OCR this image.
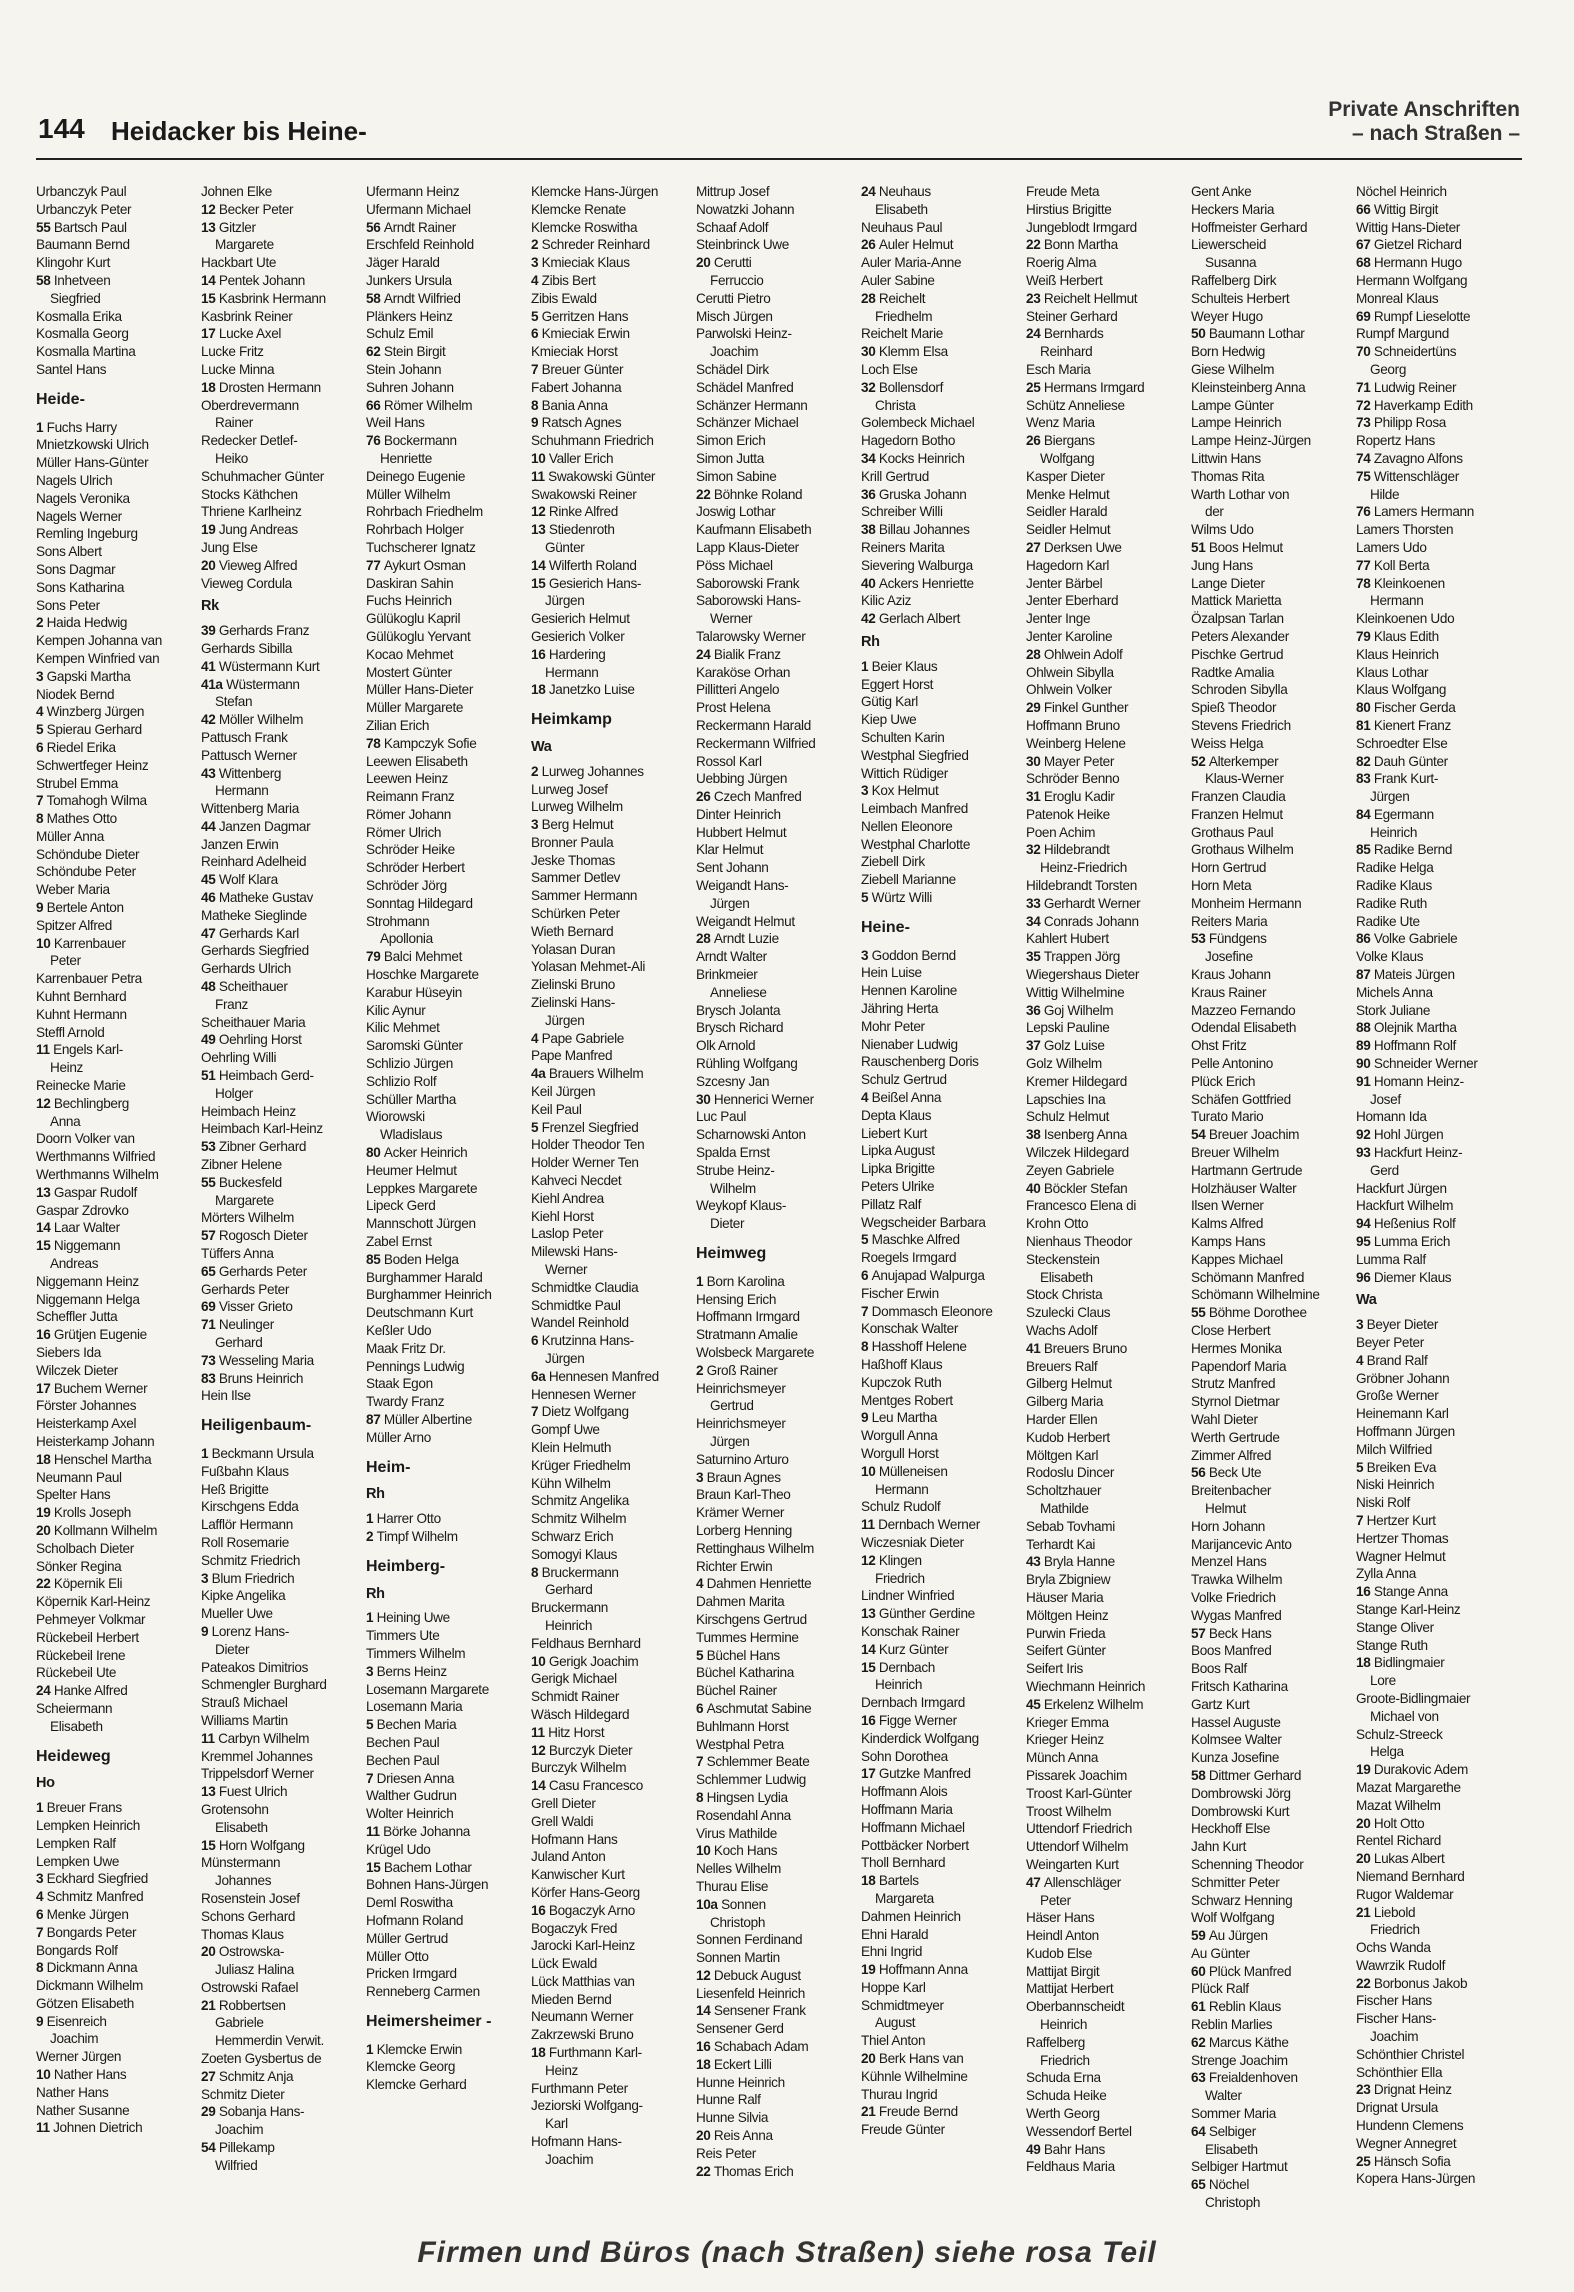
144 Heidacker bis Heine-
Private Anschriften
– nach Straßen –
Urbanczyk Paul
Urbanczyk Peter
55 Bartsch Paul
Baumann Bernd
Klingohr Kurt
58 Inhetveen
Siegfried
Kosmalla Erika
Kosmalla Georg
Kosmalla Martina
Santel Hans
Heide-
1 Fuchs Harry
Mnietzkowski Ulrich
Müller Hans-Günter
Nagels Ulrich
Nagels Veronika
Nagels Werner
Remling Ingeburg
Sons Albert
Sons Dagmar
Sons Katharina
Sons Peter
2 Haida Hedwig
Kempen Johanna van
Kempen Winfried van
3 Gapski Martha
Niodek Bernd
4 Winzberg Jürgen
5 Spierau Gerhard
6 Riedel Erika
Schwertfeger Heinz
Strubel Emma
7 Tomahogh Wilma
8 Mathes Otto
Müller Anna
Schöndube Dieter
Schöndube Peter
Weber Maria
9 Bertele Anton
Spitzer Alfred
10 Karrenbauer
Peter
Karrenbauer Petra
Kuhnt Bernhard
Kuhnt Hermann
Steffl Arnold
11 Engels Karl-
Heinz
Reinecke Marie
12 Bechlingberg
Anna
Doorn Volker van
Werthmanns Wilfried
Werthmanns Wilhelm
13 Gaspar Rudolf
Gaspar Zdrovko
14 Laar Walter
15 Niggemann
Andreas
Niggemann Heinz
Niggemann Helga
Scheffler Jutta
16 Grütjen Eugenie
Siebers Ida
Wilczek Dieter
17 Buchem Werner
Förster Johannes
Heisterkamp Axel
Heisterkamp Johann
18 Henschel Martha
Neumann Paul
Spelter Hans
19 Krolls Joseph
20 Kollmann Wilhelm
Scholbach Dieter
Sönker Regina
22 Köpernik Eli
Köpernik Karl-Heinz
Pehmeyer Volkmar
Rückebeil Herbert
Rückebeil Irene
Rückebeil Ute
24 Hanke Alfred
Scheiermann
Elisabeth
Heideweg
Ho
1 Breuer Frans
Lempken Heinrich
Lempken Ralf
Lempken Uwe
3 Eckhard Siegfried
4 Schmitz Manfred
6 Menke Jürgen
7 Bongards Peter
Bongards Rolf
8 Dickmann Anna
Dickmann Wilhelm
Götzen Elisabeth
9 Eisenreich
Joachim
Werner Jürgen
10 Nather Hans
Nather Hans
Nather Susanne
11 Johnen Dietrich
Johnen Elke
12 Becker Peter
13 Gitzler
Margarete
Hackbart Ute
14 Pentek Johann
15 Kasbrink Hermann
Kasbrink Reiner
17 Lucke Axel
Lucke Fritz
Lucke Minna
18 Drosten Hermann
Oberdrevermann
Rainer
Redecker Detlef-
Heiko
Schuhmacher Günter
Stocks Käthchen
Thriene Karlheinz
19 Jung Andreas
Jung Else
20 Vieweg Alfred
Vieweg Cordula
Rk
39 Gerhards Franz
Gerhards Sibilla
41 Wüstermann Kurt
41a Wüstermann
Stefan
42 Möller Wilhelm
Pattusch Frank
Pattusch Werner
43 Wittenberg
Hermann
Wittenberg Maria
44 Janzen Dagmar
Janzen Erwin
Reinhard Adelheid
45 Wolf Klara
46 Matheke Gustav
Matheke Sieglinde
47 Gerhards Karl
Gerhards Siegfried
Gerhards Ulrich
48 Scheithauer
Franz
Scheithauer Maria
49 Oehrling Horst
Oehrling Willi
51 Heimbach Gerd-
Holger
Heimbach Heinz
Heimbach Karl-Heinz
53 Zibner Gerhard
Zibner Helene
55 Buckesfeld
Margarete
Mörters Wilhelm
57 Rogosch Dieter
Tüffers Anna
65 Gerhards Peter
Gerhards Peter
69 Visser Grieto
71 Neulinger
Gerhard
73 Wesseling Maria
83 Bruns Heinrich
Hein Ilse
Heiligenbaum-
1 Beckmann Ursula
Fußbahn Klaus
Heß Brigitte
Kirschgens Edda
Lafflör Hermann
Roll Rosemarie
Schmitz Friedrich
3 Blum Friedrich
Kipke Angelika
Mueller Uwe
9 Lorenz Hans-
Dieter
Pateakos Dimitrios
Schmengler Burghard
Strauß Michael
Williams Martin
11 Carbyn Wilhelm
Kremmel Johannes
Trippelsdorf Werner
13 Fuest Ulrich
Grotensohn
Elisabeth
15 Horn Wolfgang
Münstermann
Johannes
Rosenstein Josef
Schons Gerhard
Thomas Klaus
20 Ostrowska-
Juliasz Halina
Ostrowski Rafael
21 Robbertsen
Gabriele
Hemmerdin Verwit.
Zoeten Gysbertus de
27 Schmitz Anja
Schmitz Dieter
29 Sobanja Hans-
Joachim
54 Pillekamp
Wilfried
Ufermann Heinz
Ufermann Michael
56 Arndt Rainer
Erschfeld Reinhold
Jäger Harald
Junkers Ursula
58 Arndt Wilfried
Plänkers Heinz
Schulz Emil
62 Stein Birgit
Stein Johann
Suhren Johann
66 Römer Wilhelm
Weil Hans
76 Bockermann
Henriette
Deinego Eugenie
Müller Wilhelm
Rohrbach Friedhelm
Rohrbach Holger
Tuchscherer Ignatz
77 Aykurt Osman
Daskiran Sahin
Fuchs Heinrich
Gülükoglu Kapril
Gülükoglu Yervant
Kocao Mehmet
Mostert Günter
Müller Hans-Dieter
Müller Margarete
Zilian Erich
78 Kampczyk Sofie
Leewen Elisabeth
Leewen Heinz
Reimann Franz
Römer Johann
Römer Ulrich
Schröder Heike
Schröder Herbert
Schröder Jörg
Sonntag Hildegard
Strohmann
Apollonia
79 Balci Mehmet
Hoschke Margarete
Karabur Hüseyin
Kilic Aynur
Kilic Mehmet
Saromski Günter
Schlizio Jürgen
Schlizio Rolf
Schüller Martha
Wiorowski
Wladislaus
80 Acker Heinrich
Heumer Helmut
Leppkes Margarete
Lipeck Gerd
Mannschott Jürgen
Zabel Ernst
85 Boden Helga
Burghammer Harald
Burghammer Heinrich
Deutschmann Kurt
Keßler Udo
Maak Fritz Dr.
Pennings Ludwig
Staak Egon
Twardy Franz
87 Müller Albertine
Müller Arno
Heim-
Rh
1 Harrer Otto
2 Timpf Wilhelm
Heimberg-
Rh
1 Heining Uwe
Timmers Ute
Timmers Wilhelm
3 Berns Heinz
Losemann Margarete
Losemann Maria
5 Bechen Maria
Bechen Paul
Bechen Paul
7 Driesen Anna
Walther Gudrun
Wolter Heinrich
11 Börke Johanna
Krügel Udo
15 Bachem Lothar
Bohnen Hans-Jürgen
Deml Roswitha
Hofmann Roland
Müller Gertrud
Müller Otto
Pricken Irmgard
Renneberg Carmen
Heimersheimer -
1 Klemcke Erwin
Klemcke Georg
Klemcke Gerhard
Klemcke Hans-Jürgen
Klemcke Renate
Klemcke Roswitha
2 Schreder Reinhard
3 Kmieciak Klaus
4 Zibis Bert
Zibis Ewald
5 Gerritzen Hans
6 Kmieciak Erwin
Kmieciak Horst
7 Breuer Günter
Fabert Johanna
8 Bania Anna
9 Ratsch Agnes
Schuhmann Friedrich
10 Valler Erich
11 Swakowski Günter
Swakowski Reiner
12 Rinke Alfred
13 Stiedenroth
Günter
14 Wilferth Roland
15 Gesierich Hans-
Jürgen
Gesierich Helmut
Gesierich Volker
16 Hardering
Hermann
18 Janetzko Luise
Heimkamp
Wa
2 Lurweg Johannes
Lurweg Josef
Lurweg Wilhelm
3 Berg Helmut
Bronner Paula
Jeske Thomas
Sammer Detlev
Sammer Hermann
Schürken Peter
Wieth Bernard
Yolasan Duran
Yolasan Mehmet-Ali
Zielinski Bruno
Zielinski Hans-
Jürgen
4 Pape Gabriele
Pape Manfred
4a Brauers Wilhelm
Keil Jürgen
Keil Paul
5 Frenzel Siegfried
Holder Theodor Ten
Holder Werner Ten
Kahveci Necdet
Kiehl Andrea
Kiehl Horst
Laslop Peter
Milewski Hans-
Werner
Schmidtke Claudia
Schmidtke Paul
Wandel Reinhold
6 Krutzinna Hans-
Jürgen
6a Hennesen Manfred
Hennesen Werner
7 Dietz Wolfgang
Gompf Uwe
Klein Helmuth
Krüger Friedhelm
Kühn Wilhelm
Schmitz Angelika
Schmitz Wilhelm
Schwarz Erich
Somogyi Klaus
8 Bruckermann
Gerhard
Bruckermann
Heinrich
Feldhaus Bernhard
10 Gerigk Joachim
Gerigk Michael
Schmidt Rainer
Wäsch Hildegard
11 Hitz Horst
12 Burczyk Dieter
Burczyk Wilhelm
14 Casu Francesco
Grell Dieter
Grell Waldi
Hofmann Hans
Juland Anton
Kanwischer Kurt
Körfer Hans-Georg
16 Bogaczyk Arno
Bogaczyk Fred
Jarocki Karl-Heinz
Lück Ewald
Lück Matthias van
Mieden Bernd
Neumann Werner
Zakrzewski Bruno
18 Furthmann Karl-
Heinz
Furthmann Peter
Jeziorski Wolfgang-
Karl
Hofmann Hans-
Joachim
Mittrup Josef
Nowatzki Johann
Schaaf Adolf
Steinbrinck Uwe
20 Cerutti
Ferruccio
Cerutti Pietro
Misch Jürgen
Parwolski Heinz-
Joachim
Schädel Dirk
Schädel Manfred
Schänzer Hermann
Schänzer Michael
Simon Erich
Simon Jutta
Simon Sabine
22 Böhnke Roland
Joswig Lothar
Kaufmann Elisabeth
Lapp Klaus-Dieter
Pöss Michael
Saborowski Frank
Saborowski Hans-
Werner
Talarowsky Werner
24 Bialik Franz
Karaköse Orhan
Pillitteri Angelo
Prost Helena
Reckermann Harald
Reckermann Wilfried
Rossol Karl
Uebbing Jürgen
26 Czech Manfred
Dinter Heinrich
Hubbert Helmut
Klar Helmut
Sent Johann
Weigandt Hans-
Jürgen
Weigandt Helmut
28 Arndt Luzie
Arndt Walter
Brinkmeier
Anneliese
Brysch Jolanta
Brysch Richard
Olk Arnold
Rühling Wolfgang
Szcesny Jan
30 Hennerici Werner
Luc Paul
Scharnowski Anton
Spalda Ernst
Strube Heinz-
Wilhelm
Weykopf Klaus-
Dieter
Heimweg
1 Born Karolina
Hensing Erich
Hoffmann Irmgard
Stratmann Amalie
Wolsbeck Margarete
2 Groß Rainer
Heinrichsmeyer
Gertrud
Heinrichsmeyer
Jürgen
Saturnino Arturo
3 Braun Agnes
Braun Karl-Theo
Krämer Werner
Lorberg Henning
Rettinghaus Wilhelm
Richter Erwin
4 Dahmen Henriette
Dahmen Marita
Kirschgens Gertrud
Tummes Hermine
5 Büchel Hans
Büchel Katharina
Büchel Rainer
6 Aschmutat Sabine
Buhlmann Horst
Westphal Petra
7 Schlemmer Beate
Schlemmer Ludwig
8 Hingsen Lydia
Rosendahl Anna
Virus Mathilde
10 Koch Hans
Nelles Wilhelm
Thurau Elise
10a Sonnen
Christoph
Sonnen Ferdinand
Sonnen Martin
12 Debuck August
Liesenfeld Heinrich
14 Sensener Frank
Sensener Gerd
16 Schabach Adam
18 Eckert Lilli
Hunne Heinrich
Hunne Ralf
Hunne Silvia
20 Reis Anna
Reis Peter
22 Thomas Erich
24 Neuhaus
Elisabeth
Neuhaus Paul
26 Auler Helmut
Auler Maria-Anne
Auler Sabine
28 Reichelt
Friedhelm
Reichelt Marie
30 Klemm Elsa
Loch Else
32 Bollensdorf
Christa
Golembeck Michael
Hagedorn Botho
34 Kocks Heinrich
Krill Gertrud
36 Gruska Johann
Schreiber Willi
38 Billau Johannes
Reiners Marita
Sievering Walburga
40 Ackers Henriette
Kilic Aziz
42 Gerlach Albert
Rh
1 Beier Klaus
Eggert Horst
Gütig Karl
Kiep Uwe
Schulten Karin
Westphal Siegfried
Wittich Rüdiger
3 Kox Helmut
Leimbach Manfred
Nellen Eleonore
Westphal Charlotte
Ziebell Dirk
Ziebell Marianne
5 Würtz Willi
Heine-
3 Goddon Bernd
Hein Luise
Hennen Karoline
Jähring Herta
Mohr Peter
Nienaber Ludwig
Rauschenberg Doris
Schulz Gertrud
4 Beißel Anna
Depta Klaus
Liebert Kurt
Lipka August
Lipka Brigitte
Peters Ulrike
Pillatz Ralf
Wegscheider Barbara
5 Maschke Alfred
Roegels Irmgard
6 Anujapad Walpurga
Fischer Erwin
7 Dommasch Eleonore
Konschak Walter
8 Hasshoff Helene
Haßhoff Klaus
Kupczok Ruth
Mentges Robert
9 Leu Martha
Worgull Anna
Worgull Horst
10 Mülleneisen
Hermann
Schulz Rudolf
11 Dernbach Werner
Wiczesniak Dieter
12 Klingen
Friedrich
Lindner Winfried
13 Günther Gerdine
Konschak Rainer
14 Kurz Günter
15 Dernbach
Heinrich
Dernbach Irmgard
16 Figge Werner
Kinderdick Wolfgang
Sohn Dorothea
17 Gutzke Manfred
Hoffmann Alois
Hoffmann Maria
Hoffmann Michael
Pottbäcker Norbert
Tholl Bernhard
18 Bartels
Margareta
Dahmen Heinrich
Ehni Harald
Ehni Ingrid
19 Hoffmann Anna
Hoppe Karl
Schmidtmeyer
August
Thiel Anton
20 Berk Hans van
Kühnle Wilhelmine
Thurau Ingrid
21 Freude Bernd
Freude Günter
Freude Meta
Hirstius Brigitte
Jungeblodt Irmgard
22 Bonn Martha
Roerig Alma
Weiß Herbert
23 Reichelt Hellmut
Steiner Gerhard
24 Bernhards
Reinhard
Esch Maria
25 Hermans Irmgard
Schütz Anneliese
Wenz Maria
26 Biergans
Wolfgang
Kasper Dieter
Menke Helmut
Seidler Harald
Seidler Helmut
27 Derksen Uwe
Hagedorn Karl
Jenter Bärbel
Jenter Eberhard
Jenter Inge
Jenter Karoline
28 Ohlwein Adolf
Ohlwein Sibylla
Ohlwein Volker
29 Finkel Gunther
Hoffmann Bruno
Weinberg Helene
30 Mayer Peter
Schröder Benno
31 Eroglu Kadir
Patenok Heike
Poen Achim
32 Hildebrandt
Heinz-Friedrich
Hildebrandt Torsten
33 Gerhardt Werner
34 Conrads Johann
Kahlert Hubert
35 Trappen Jörg
Wiegershaus Dieter
Wittig Wilhelmine
36 Goj Wilhelm
Lepski Pauline
37 Golz Luise
Golz Wilhelm
Kremer Hildegard
Lapschies Ina
Schulz Helmut
38 Isenberg Anna
Wilczek Hildegard
Zeyen Gabriele
40 Böckler Stefan
Francesco Elena di
Krohn Otto
Nienhaus Theodor
Steckenstein
Elisabeth
Stock Christa
Szulecki Claus
Wachs Adolf
41 Breuers Bruno
Breuers Ralf
Gilberg Helmut
Gilberg Maria
Harder Ellen
Kudob Herbert
Möltgen Karl
Rodoslu Dincer
Scholtzhauer
Mathilde
Sebab Tovhami
Terhardt Kai
43 Bryla Hanne
Bryla Zbigniew
Häuser Maria
Möltgen Heinz
Purwin Frieda
Seifert Günter
Seifert Iris
Wiechmann Heinrich
45 Erkelenz Wilhelm
Krieger Emma
Krieger Heinz
Münch Anna
Pissarek Joachim
Troost Karl-Günter
Troost Wilhelm
Uttendorf Friedrich
Uttendorf Wilhelm
Weingarten Kurt
47 Allenschläger
Peter
Häser Hans
Heindl Anton
Kudob Else
Mattijat Birgit
Mattijat Herbert
Oberbannscheidt
Heinrich
Raffelberg
Friedrich
Schuda Erna
Schuda Heike
Werth Georg
Wessendorf Bertel
49 Bahr Hans
Feldhaus Maria
Gent Anke
Heckers Maria
Hoffmeister Gerhard
Liewerscheid
Susanna
Raffelberg Dirk
Schulteis Herbert
Weyer Hugo
50 Baumann Lothar
Born Hedwig
Giese Wilhelm
Kleinsteinberg Anna
Lampe Günter
Lampe Heinrich
Lampe Heinz-Jürgen
Littwin Hans
Thomas Rita
Warth Lothar von
der
Wilms Udo
51 Boos Helmut
Jung Hans
Lange Dieter
Mattick Marietta
Özalpsan Tarlan
Peters Alexander
Pischke Gertrud
Radtke Amalia
Schroden Sibylla
Spieß Theodor
Stevens Friedrich
Weiss Helga
52 Alterkemper
Klaus-Werner
Franzen Claudia
Franzen Helmut
Grothaus Paul
Grothaus Wilhelm
Horn Gertrud
Horn Meta
Monheim Hermann
Reiters Maria
53 Fündgens
Josefine
Kraus Johann
Kraus Rainer
Mazzeo Fernando
Odendal Elisabeth
Ohst Fritz
Pelle Antonino
Plück Erich
Schäfen Gottfried
Turato Mario
54 Breuer Joachim
Breuer Wilhelm
Hartmann Gertrude
Holzhäuser Walter
Ilsen Werner
Kalms Alfred
Kamps Hans
Kappes Michael
Schömann Manfred
Schömann Wilhelmine
55 Böhme Dorothee
Close Herbert
Hermes Monika
Papendorf Maria
Strutz Manfred
Styrnol Dietmar
Wahl Dieter
Werth Gertrude
Zimmer Alfred
56 Beck Ute
Breitenbacher
Helmut
Horn Johann
Marijancevic Anto
Menzel Hans
Trawka Wilhelm
Volke Friedrich
Wygas Manfred
57 Beck Hans
Boos Manfred
Boos Ralf
Fritsch Katharina
Gartz Kurt
Hassel Auguste
Kolmsee Walter
Kunza Josefine
58 Dittmer Gerhard
Dombrowski Jörg
Dombrowski Kurt
Heckhoff Else
Jahn Kurt
Schenning Theodor
Schmitter Peter
Schwarz Henning
Wolf Wolfgang
59 Au Jürgen
Au Günter
60 Plück Manfred
Plück Ralf
61 Reblin Klaus
Reblin Marlies
62 Marcus Käthe
Strenge Joachim
63 Freialdenhoven
Walter
Sommer Maria
64 Selbiger
Elisabeth
Selbiger Hartmut
65 Nöchel
Christoph
Nöchel Heinrich
66 Wittig Birgit
Wittig Hans-Dieter
67 Gietzel Richard
68 Hermann Hugo
Hermann Wolfgang
Monreal Klaus
69 Rumpf Lieselotte
Rumpf Margund
70 Schneidertüns
Georg
71 Ludwig Reiner
72 Haverkamp Edith
73 Philipp Rosa
Ropertz Hans
74 Zavagno Alfons
75 Wittenschläger
Hilde
76 Lamers Hermann
Lamers Thorsten
Lamers Udo
77 Koll Berta
78 Kleinkoenen
Hermann
Kleinkoenen Udo
79 Klaus Edith
Klaus Heinrich
Klaus Lothar
Klaus Wolfgang
80 Fischer Gerda
81 Kienert Franz
Schroedter Else
82 Dauh Günter
83 Frank Kurt-
Jürgen
84 Egermann
Heinrich
85 Radike Bernd
Radike Helga
Radike Klaus
Radike Ruth
Radike Ute
86 Volke Gabriele
Volke Klaus
87 Mateis Jürgen
Michels Anna
Stork Juliane
88 Olejnik Martha
89 Hoffmann Rolf
90 Schneider Werner
91 Homann Heinz-
Josef
Homann Ida
92 Hohl Jürgen
93 Hackfurt Heinz-
Gerd
Hackfurt Jürgen
Hackfurt Wilhelm
94 Heßenius Rolf
95 Lumma Erich
Lumma Ralf
96 Diemer Klaus
Wa
3 Beyer Dieter
Beyer Peter
4 Brand Ralf
Gröbner Johann
Große Werner
Heinemann Karl
Hoffmann Jürgen
Milch Wilfried
5 Breiken Eva
Niski Heinrich
Niski Rolf
7 Hertzer Kurt
Hertzer Thomas
Wagner Helmut
Zylla Anna
16 Stange Anna
Stange Karl-Heinz
Stange Oliver
Stange Ruth
18 Bidlingmaier
Lore
Groote-Bidlingmaier
Michael von
Schulz-Streeck
Helga
19 Durakovic Adem
Mazat Margarethe
Mazat Wilhelm
20 Holt Otto
Rentel Richard
20 Lukas Albert
Niemand Bernhard
Rugor Waldemar
21 Liebold
Friedrich
Ochs Wanda
Wawrzik Rudolf
22 Borbonus Jakob
Fischer Hans
Fischer Hans-
Joachim
Schönthier Christel
Schönthier Ella
23 Drignat Heinz
Drignat Ursula
Hundenn Clemens
Wegner Annegret
25 Hänsch Sofia
Kopera Hans-Jürgen
Firmen und Büros (nach Straßen) siehe rosa Teil
